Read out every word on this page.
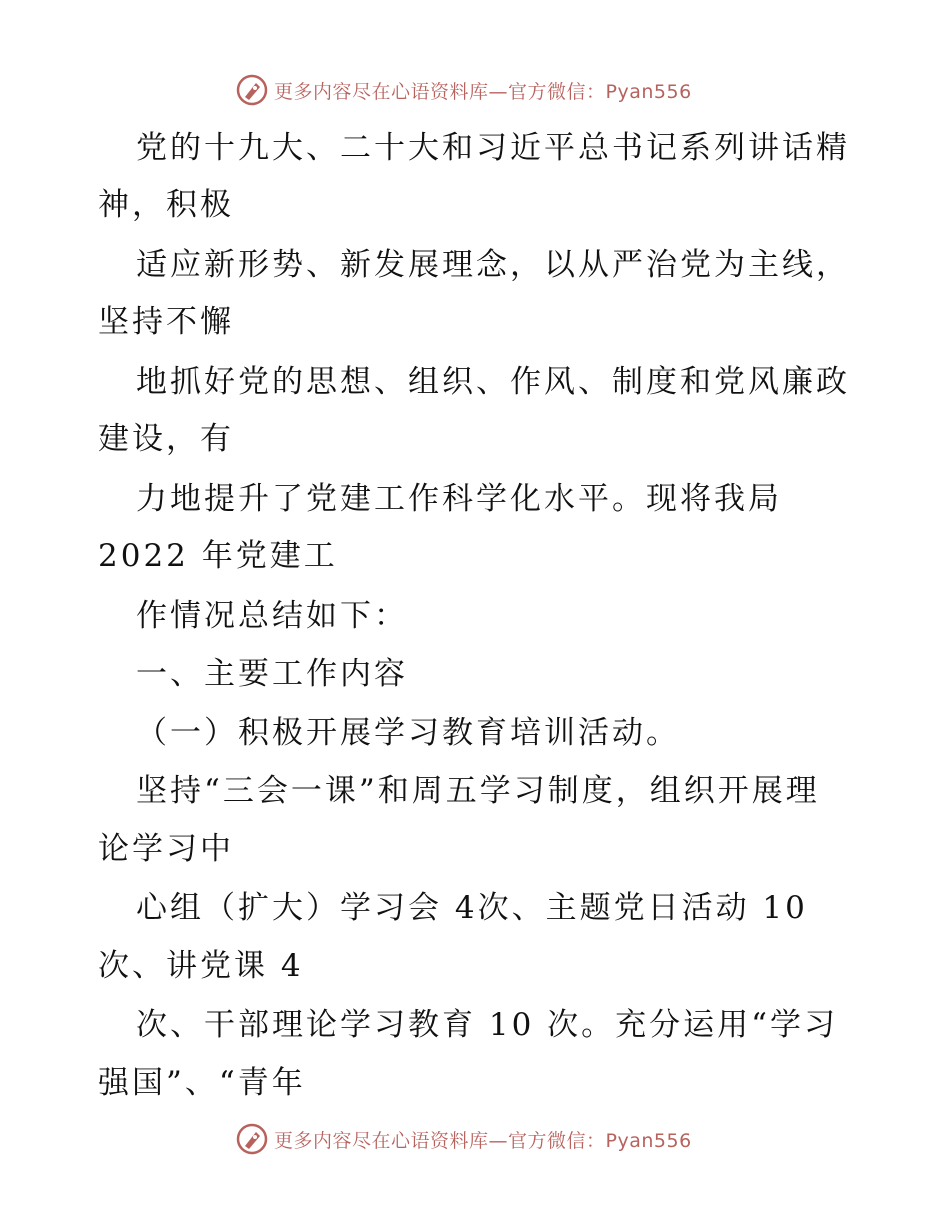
更多内容尽在心语资料库—官方微信：Pyan556
党的十九大、二十大和习近平总书记系列讲话精
神，积极
适应新形势、新发展理念，以从严治党为主线，
坚持不懈
地抓好党的思想、组织、作风、制度和党风廉政
建设，有
力地提升了党建工作科学化水平。现将我局
2022 年党建工
作情况总结如下：
一、主要工作内容
（一）积极开展学习教育培训活动。
坚持“三会一课”和周五学习制度，组织开展理
论学习中
心组（扩大）学习会 4次、主题党日活动 10
次、讲党课 4
次、干部理论学习教育 10 次。充分运用“学习
强国”、“青年
更多内容尽在心语资料库—官方微信：Pyan556
